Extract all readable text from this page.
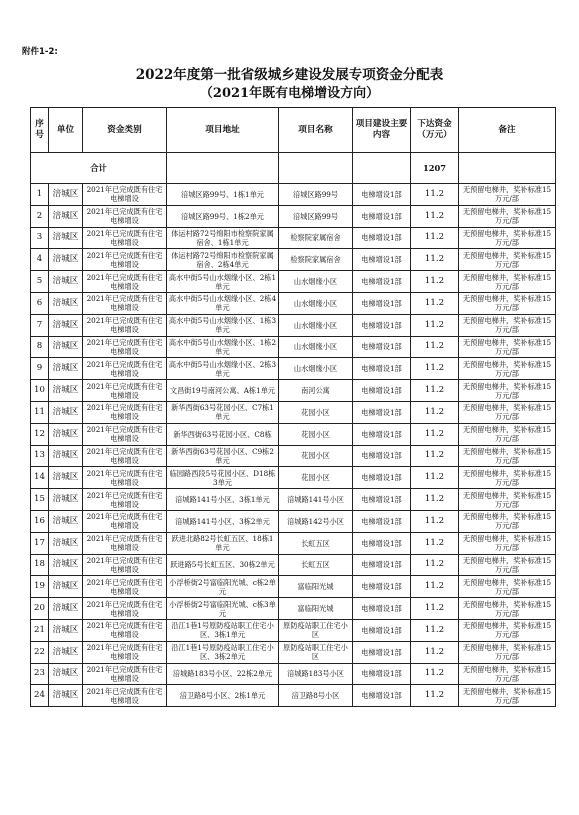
附件1-2:
2022年度第一批省级城乡建设发展专项资金分配表
（2021年既有电梯增设方向）
序号	单位	资金类别	项目地址	项目名称	项目建设主要内容	下达资金（万元）	备注
合计						1207	
1	涪城区	2021年已完成既有住宅电梯增设	涪城区路99号、1栋1单元	涪城区路99号	电梯增设1部	11.2	无预留电梯井，奖补标准15万元/部
2	涪城区	2021年已完成既有住宅电梯增设	涪城区路99号、1栋2单元	涪城区路99号	电梯增设1部	11.2	无预留电梯井，奖补标准15万元/部
3	涪城区	2021年已完成既有住宅电梯增设	体运村路72号绵阳市检察院家属宿舍、1栋1单元	检察院家属宿舍	电梯增设1部	11.2	无预留电梯井，奖补标准15万元/部
4	涪城区	2021年已完成既有住宅电梯增设	体运村路72号绵阳市检察院家属宿舍、2栋4单元	检察院家属宿舍	电梯增设1部	11.2	无预留电梯井，奖补标准15万元/部
5	涪城区	2021年已完成既有住宅电梯增设	高水中街5号山水烟缘小区、2栋1单元	山水烟缘小区	电梯增设1部	11.2	无预留电梯井，奖补标准15万元/部
6	涪城区	2021年已完成既有住宅电梯增设	高水中街5号山水烟缘小区、2栋4单元	山水烟缘小区	电梯增设1部	11.2	无预留电梯井，奖补标准15万元/部
7	涪城区	2021年已完成既有住宅电梯增设	高水中街5号山水烟缘小区、1栋3单元	山水烟缘小区	电梯增设1部	11.2	无预留电梯井，奖补标准15万元/部
8	涪城区	2021年已完成既有住宅电梯增设	高水中街5号山水烟缘小区、1栋2单元	山水烟缘小区	电梯增设1部	11.2	无预留电梯井，奖补标准15万元/部
9	涪城区	2021年已完成既有住宅电梯增设	高水中街5号山水烟缘小区、2栋3单元	山水烟缘小区	电梯增设1部	11.2	无预留电梯井，奖补标准15万元/部
10	涪城区	2021年已完成既有住宅电梯增设	文昌街19号南河公寓、A栋1单元	南河公寓	电梯增设1部	11.2	无预留电梯井，奖补标准15万元/部
11	涪城区	2021年已完成既有住宅电梯增设	新华西街63号花园小区、C7栋1单元	花园小区	电梯增设1部	11.2	无预留电梯井，奖补标准15万元/部
12	涪城区	2021年已完成既有住宅电梯增设	新华西街63号花园小区、C8栋	花园小区	电梯增设1部	11.2	无预留电梯井，奖补标准15万元/部
13	涪城区	2021年已完成既有住宅电梯增设	新华西街63号花园小区、C9栋2单元	花园小区	电梯增设1部	11.2	无预留电梯井，奖补标准15万元/部
14	涪城区	2021年已完成既有住宅电梯增设	临园路西段5号花园小区、D18栋3单元	花园小区	电梯增设1部	11.2	无预留电梯井，奖补标准15万元/部
15	涪城区	2021年已完成既有住宅电梯增设	涪城路141号小区、3栋1单元	涪城路141号小区	电梯增设1部	11.2	无预留电梯井，奖补标准15万元/部
16	涪城区	2021年已完成既有住宅电梯增设	涪城路141号小区、3栋2单元	涪城路142号小区	电梯增设1部	11.2	无预留电梯井，奖补标准15万元/部
17	涪城区	2021年已完成既有住宅电梯增设	跃进北路82号长虹五区、18栋1单元	长虹五区	电梯增设1部	11.2	无预留电梯井，奖补标准15万元/部
18	涪城区	2021年已完成既有住宅电梯增设	跃进路5号长虹五区、30栋2单元	长虹五区	电梯增设1部	11.2	无预留电梯井，奖补标准15万元/部
19	涪城区	2021年已完成既有住宅电梯增设	小浮桥街2号富临阳光城、c栋2单元	富临阳光城	电梯增设1部	11.2	无预留电梯井，奖补标准15万元/部
20	涪城区	2021年已完成既有住宅电梯增设	小浮桥街2号富临阳光城、c栋3单元	富临阳光城	电梯增设1部	11.2	无预留电梯井，奖补标准15万元/部
21	涪城区	2021年已完成既有住宅电梯增设	沿江1巷1号原防疫站职工住宅小区、3栋1单元	原防疫站职工住宅小区	电梯增设1部	11.2	无预留电梯井，奖补标准15万元/部
22	涪城区	2021年已完成既有住宅电梯增设	沿江1巷1号原防疫站职工住宅小区、3栋2单元	原防疫站职工住宅小区	电梯增设1部	11.2	无预留电梯井，奖补标准15万元/部
23	涪城区	2021年已完成既有住宅电梯增设	涪城路183号小区、22栋2单元	涪城路183号小区	电梯增设1部	11.2	无预留电梯井，奖补标准15万元/部
24	涪城区	2021年已完成既有住宅电梯增设	涪卫路8号小区、2栋1单元	涪卫路8号小区	电梯增设1部	11.2	无预留电梯井，奖补标准15万元/部
